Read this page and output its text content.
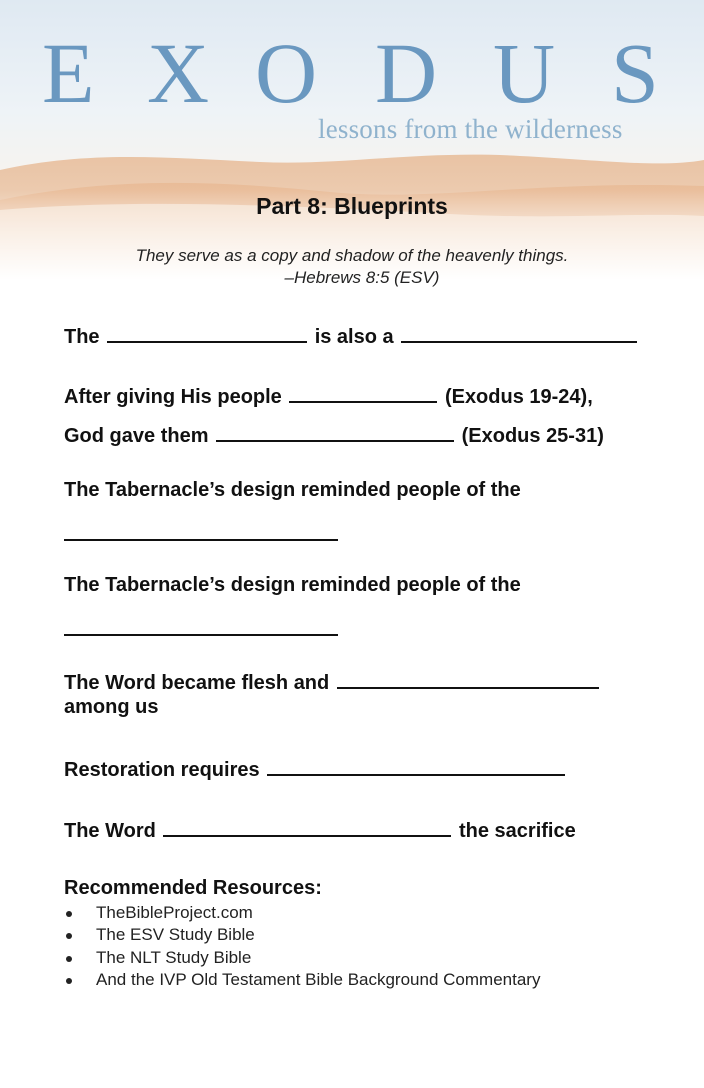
E X O D U S
lessons from the wilderness
Part 8: Blueprints
They serve as a copy and shadow of the heavenly things.
–Hebrews 8:5 (ESV)
The	is also a
After giving His people	(Exodus 19-24),
God gave them	(Exodus 25-31)
The Tabernacle’s design reminded people of the
The Tabernacle’s design reminded people of the
The Word became flesh and
among us
Restoration requires
The Word	the sacrifice
Recommended Resources:
TheBibleProject.com
The ESV Study Bible
The NLT Study Bible
And the IVP Old Testament Bible Background Commentary
